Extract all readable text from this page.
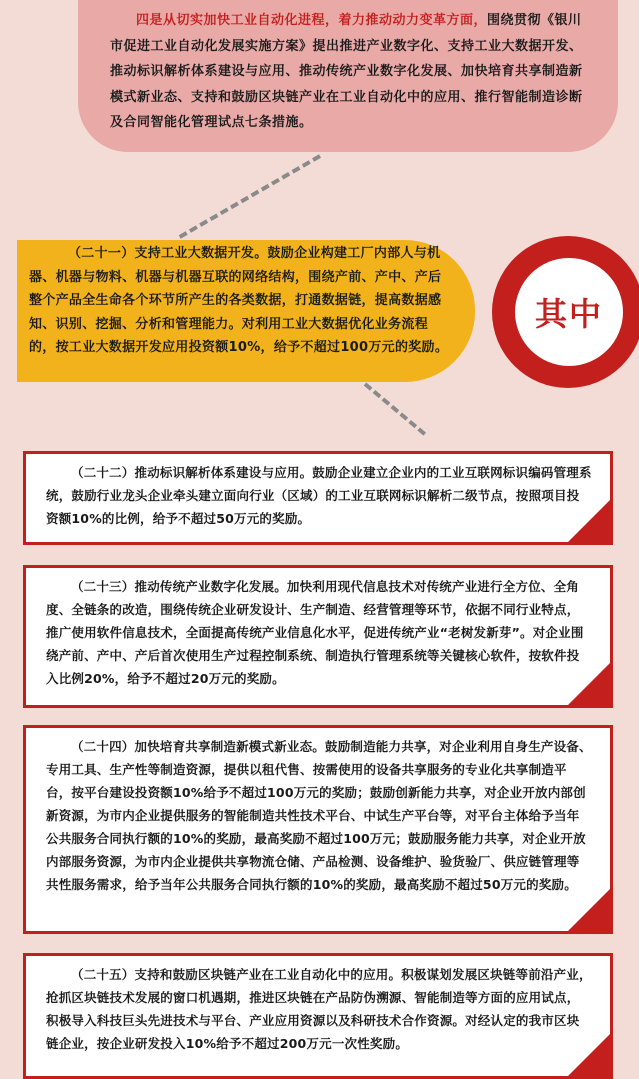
四是从切实加快工业自动化进程，着力推动动力变革方面，围绕贯彻《银川市促进工业自动化发展实施方案》提出推进产业数字化、支持工业大数据开发、推动标识解析体系建设与应用、推动传统产业数字化发展、加快培育共享制造新模式新业态、支持和鼓励区块链产业在工业自动化中的应用、推行智能制造诊断及合同智能化管理试点七条措施。

（二十一）支持工业大数据开发。鼓励企业构建工厂内部人与机器、机器与物料、机器与机器互联的网络结构，围绕产前、产中、产后整个产品全生命各个环节所产生的各类数据，打通数据链，提高数据感知、识别、挖掘、分析和管理能力。对利用工业大数据优化业务流程的，按工业大数据开发应用投资额10%，给予不超过100万元的奖励。

其中

（二十二）推动标识解析体系建设与应用。鼓励企业建立企业内的工业互联网标识编码管理系统，鼓励行业龙头企业牵头建立面向行业（区域）的工业互联网标识解析二级节点，按照项目投资额10%的比例，给予不超过50万元的奖励。

（二十三）推动传统产业数字化发展。加快利用现代信息技术对传统产业进行全方位、全角度、全链条的改造，围绕传统企业研发设计、生产制造、经营管理等环节，依据不同行业特点，推广使用软件信息技术，全面提高传统产业信息化水平，促进传统产业“老树发新芽”。对企业围绕产前、产中、产后首次使用生产过程控制系统、制造执行管理系统等关键核心软件，按软件投入比例20%，给予不超过20万元的奖励。

（二十四）加快培育共享制造新模式新业态。鼓励制造能力共享，对企业利用自身生产设备、专用工具、生产性等制造资源，提供以租代售、按需使用的设备共享服务的专业化共享制造平台，按平台建设投资额10%给予不超过100万元的奖励；鼓励创新能力共享，对企业开放内部创新资源，为市内企业提供服务的智能制造共性技术平台、中试生产平台等，对平台主体给予当年公共服务合同执行额的10%的奖励，最高奖励不超过100万元；鼓励服务能力共享，对企业开放内部服务资源，为市内企业提供共享物流仓储、产品检测、设备维护、验货验厂、供应链管理等共性服务需求，给予当年公共服务合同执行额的10%的奖励，最高奖励不超过50万元的奖励。

（二十五）支持和鼓励区块链产业在工业自动化中的应用。积极谋划发展区块链等前沿产业，抢抓区块链技术发展的窗口机遇期，推进区块链在产品防伪溯源、智能制造等方面的应用试点，积极导入科技巨头先进技术与平台、产业应用资源以及科研技术合作资源。对经认定的我市区块链企业，按企业研发投入10%给予不超过200万元一次性奖励。
